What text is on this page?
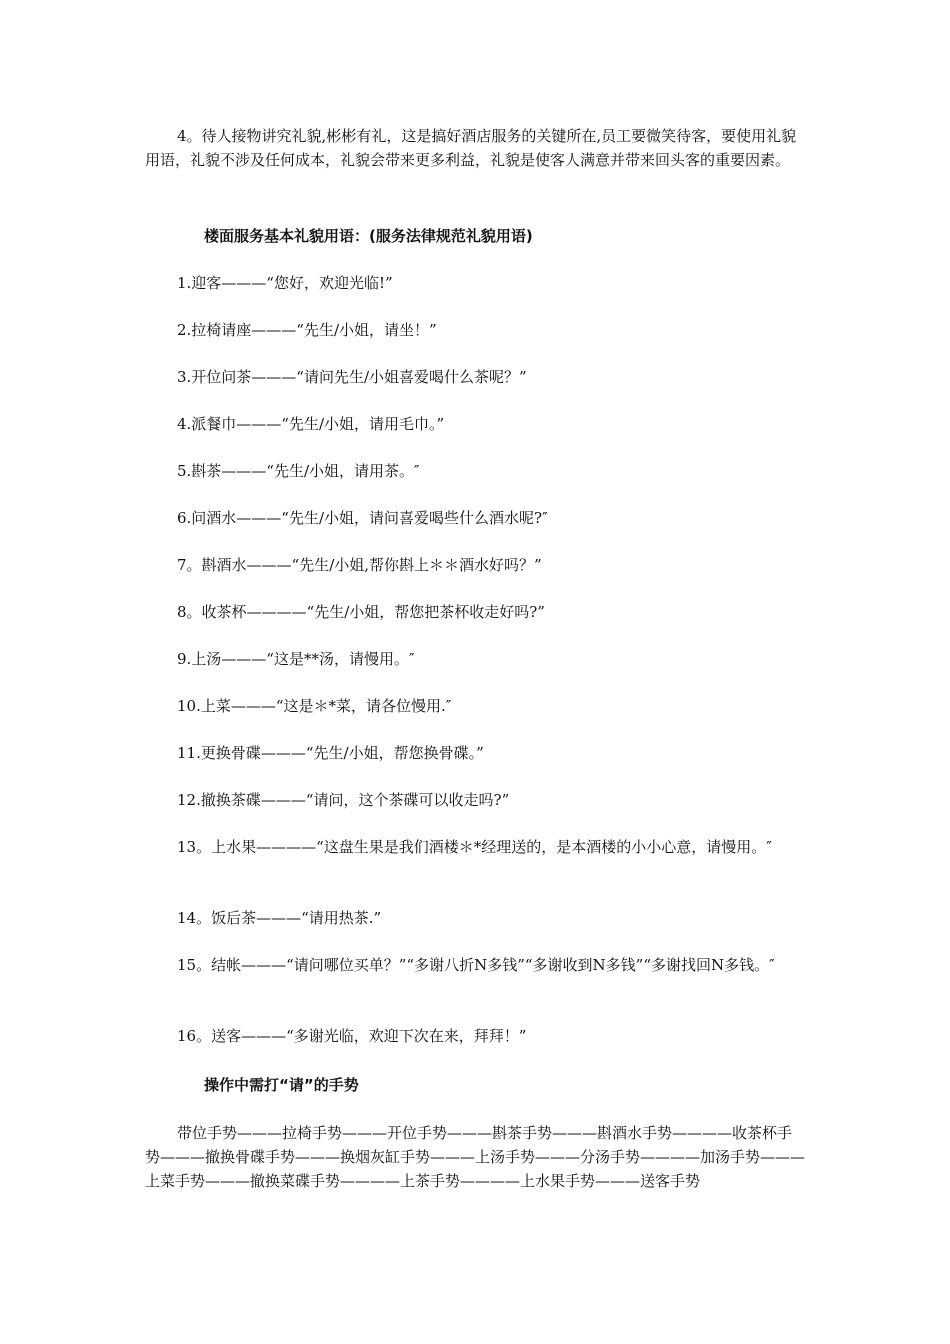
4。待人接物讲究礼貌,彬彬有礼，这是搞好酒店服务的关键所在,员工要微笑待客，要使用礼貌用语，礼貌不涉及任何成本，礼貌会带来更多利益，礼貌是使客人满意并带来回头客的重要因素。

楼面服务基本礼貌用语：(服务法律规范礼貌用语)

1.迎客———“您好，欢迎光临!”

2.拉椅请座———“先生/小姐，请坐！”

3.开位问茶———“请问先生/小姐喜爱喝什么茶呢？”

4.派餐巾———“先生/小姐，请用毛巾。”

5.斟茶———“先生/小姐，请用茶。″

6.问酒水———“先生/小姐，请问喜爱喝些什么酒水呢?″

7。斟酒水———“先生/小姐,帮你斟上＊＊酒水好吗？”

8。收茶杯————“先生/小姐，帮您把茶杯收走好吗?”

9.上汤———“这是**汤，请慢用。″

10.上菜———“这是＊*菜，请各位慢用.″

11.更换骨碟———“先生/小姐，帮您换骨碟。”

12.撤换茶碟———“请问，这个茶碟可以收走吗?”

13。上水果————“这盘生果是我们酒楼＊*经理送的，是本酒楼的小小心意，请慢用。″

14。饭后茶———“请用热茶.”

15。结帐———“请问哪位买单？”“多谢八折N多钱”“多谢收到N多钱”“多谢找回N多钱。″

16。送客———“多谢光临，欢迎下次在来，拜拜！”

操作中需打“请”的手势

带位手势———拉椅手势———开位手势———斟茶手势———斟酒水手势————收茶杯手势———撤换骨碟手势———换烟灰缸手势———上汤手势———分汤手势————加汤手势———上菜手势———撤换菜碟手势————上茶手势————上水果手势———送客手势
